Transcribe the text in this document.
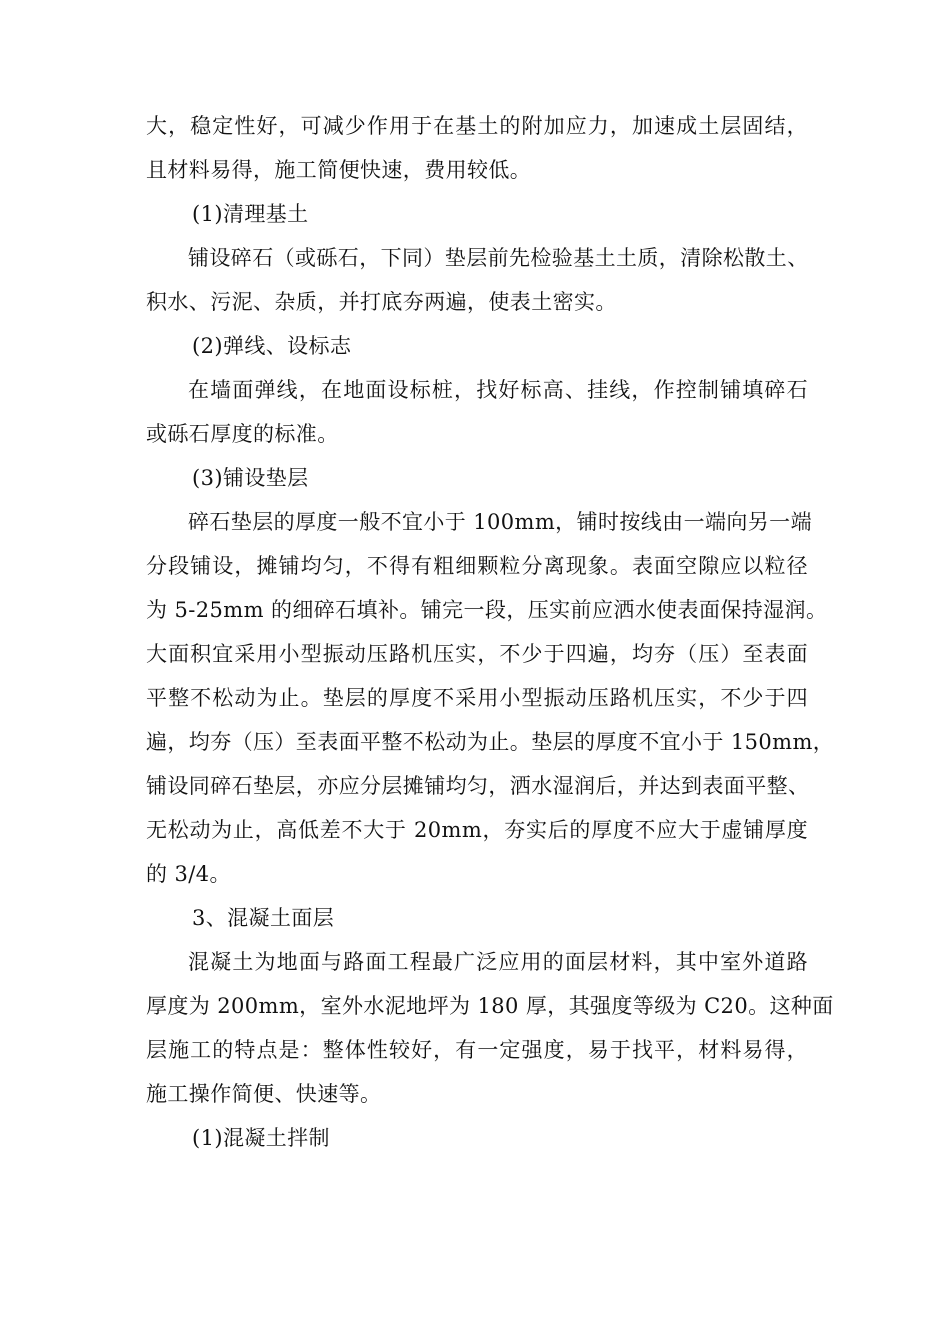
大，稳定性好，可减少作用于在基土的附加应力，加速成土层固结，
且材料易得，施工简便快速，费用较低。
(1)清理基土
铺设碎石（或砾石，下同）垫层前先检验基土土质，清除松散土、
积水、污泥、杂质，并打底夯两遍，使表土密实。
(2)弹线、设标志
在墙面弹线，在地面设标桩，找好标高、挂线，作控制铺填碎石
或砾石厚度的标准。
(3)铺设垫层
碎石垫层的厚度一般不宜小于 100mm，铺时按线由一端向另一端
分段铺设，摊铺均匀，不得有粗细颗粒分离现象。表面空隙应以粒径
为 5-25mm 的细碎石填补。铺完一段，压实前应洒水使表面保持湿润。
大面积宜采用小型振动压路机压实，不少于四遍，均夯（压）至表面
平整不松动为止。垫层的厚度不采用小型振动压路机压实，不少于四
遍，均夯（压）至表面平整不松动为止。垫层的厚度不宜小于 150mm，
铺设同碎石垫层，亦应分层摊铺均匀，洒水湿润后，并达到表面平整、
无松动为止，高低差不大于 20mm，夯实后的厚度不应大于虚铺厚度
的 3/4。
3、混凝土面层
混凝土为地面与路面工程最广泛应用的面层材料，其中室外道路
厚度为 200mm，室外水泥地坪为 180 厚，其强度等级为 C20。这种面
层施工的特点是：整体性较好，有一定强度，易于找平，材料易得，
施工操作简便、快速等。
(1)混凝土拌制
